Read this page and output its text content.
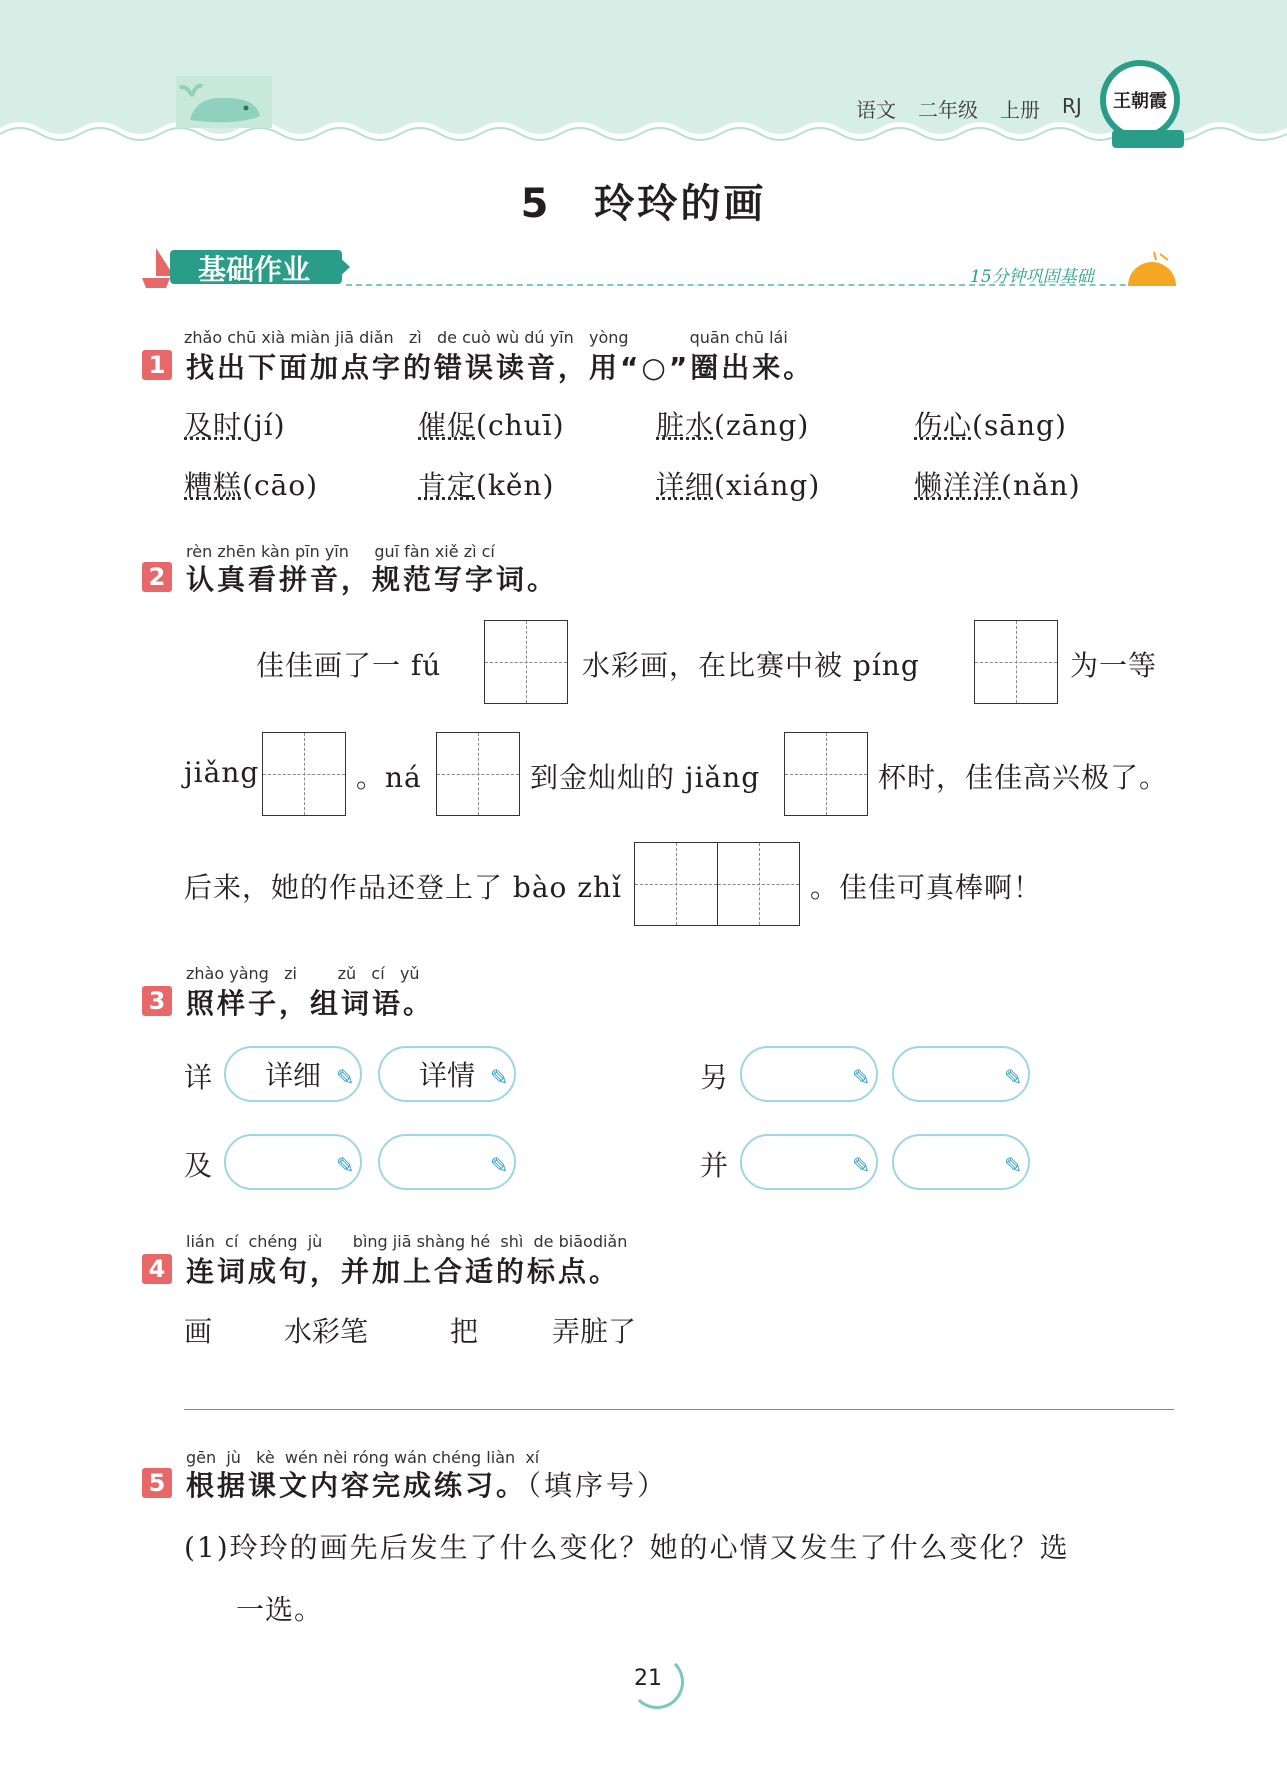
语文 二年级 上册 RJ 王朝霞
5　玲玲的画
基础作业	15分钟巩固基础
zhǎo chū xià miàn jiā diǎn zì de cuò wù dú yīn yòng	quān chū lái
1 找出下面加点字的错误读音，用“○”圈出来。
及时(jí)	催促(chuī)	脏水(zāng)	伤心(sāng)
糟糕(cāo)	肯定(kěn)	详细(xiáng)	懒洋洋(nǎn)
rèn zhēn kàn pīn yīn guī fàn xiě zì cí
2 认真看拼音，规范写字词。
佳佳画了一 fú	水彩画，在比赛中被 píng	为一等
jiǎng	。ná	到金灿灿的 jiǎng	杯时，佳佳高兴极了。
后来，她的作品还登上了 bào zhǐ	。佳佳可真棒啊！
zhào yàng zi	zǔ cí yǔ
3 照样子，组词语。
详 详细 ✎ 详情 ✎	另	✎	✎
及	✎	✎	并	✎	✎
lián cí chéng jù bìng jiā shàng hé shì de biāodiǎn
4 连词成句，并加上合适的标点。
画	水彩笔	把	弄脏了
gēn jù kè wén nèi róng wán chéng liàn xí
5 根据课文内容完成练习。（填序号）
(1)玲玲的画先后发生了什么变化？她的心情又发生了什么变化？选
一选。
21
